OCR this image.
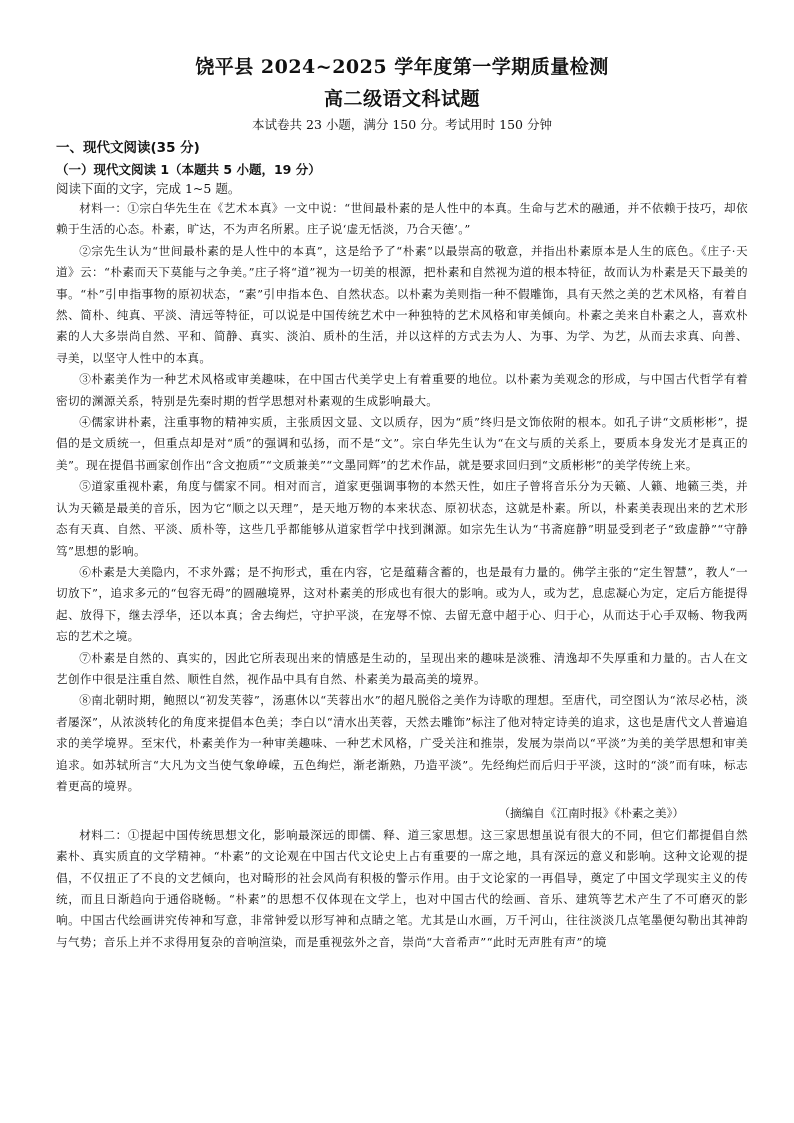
饶平县 2024~2025 学年度第一学期质量检测
高二级语文科试题
本试卷共 23 小题，满分 150 分。考试用时 150 分钟
一、现代文阅读(35 分)
（一）现代文阅读 1（本题共 5 小题，19 分）
阅读下面的文字，完成 1~5 题。

材料一：①宗白华先生在《艺术本真》一文中说：“世间最朴素的是人性中的本真。生命与艺术的融通，并不依赖于技巧，却依赖于生活的心态。朴素，旷达，不为声名所累。庄子说‘虚无恬淡，乃合天德’。”

②宗先生认为“世间最朴素的是人性中的本真”，这是给予了“朴素”以最崇高的敬意，并指出朴素原本是人生的底色。《庄子·天道》云：“朴素而天下莫能与之争美。”庄子将“道”视为一切美的根源，把朴素和自然视为道的根本特征，故而认为朴素是天下最美的事。“朴”引申指事物的原初状态，“素”引申指本色、自然状态。以朴素为美则指一种不假雕饰，具有天然之美的艺术风格，有着自然、简朴、纯真、平淡、清远等特征，可以说是中国传统艺术中一种独特的艺术风格和审美倾向。朴素之美来自朴素之人，喜欢朴素的人大多崇尚自然、平和、简静、真实、淡泊、质朴的生活，并以这样的方式去为人、为事、为学、为艺，从而去求真、向善、寻美，以坚守人性中的本真。

③朴素美作为一种艺术风格或审美趣味，在中国古代美学史上有着重要的地位。以朴素为美观念的形成，与中国古代哲学有着密切的渊源关系，特别是先秦时期的哲学思想对朴素观的生成影响最大。

④儒家讲朴素，注重事物的精神实质，主张质因文显、文以质存，因为“质”终归是文饰依附的根本。如孔子讲“文质彬彬”，提倡的是文质统一，但重点却是对“质”的强调和弘扬，而不是“文”。宗白华先生认为“在文与质的关系上，要质本身发光才是真正的美”。现在提倡书画家创作出“含文抱质”“文质兼美”“文墨同辉”的艺术作品，就是要求回归到“文质彬彬”的美学传统上来。

⑤道家重视朴素，角度与儒家不同。相对而言，道家更强调事物的本然天性，如庄子曾将音乐分为天籁、人籁、地籁三类，并认为天籁是最美的音乐，因为它“顺之以天理”，是天地万物的本来状态、原初状态，这就是朴素。所以，朴素美表现出来的艺术形态有天真、自然、平淡、质朴等，这些几乎都能够从道家哲学中找到渊源。如宗先生认为“书斋庭静”明显受到老子“致虚静”“守静笃”思想的影响。

⑥朴素是大美隐内，不求外露；是不拘形式，重在内容，它是蕴藉含蓄的，也是最有力量的。佛学主张的“定生智慧”，教人“一切放下”，追求多元的“包容无碍”的圆融境界，这对朴素美的形成也有很大的影响。或为人，或为艺，息虑凝心为定，定后方能提得起、放得下，继去浮华，还以本真；舍去绚烂，守护平淡，在宠辱不惊、去留无意中超于心、归于心，从而达于心手双畅、物我两忘的艺术之境。

⑦朴素是自然的、真实的，因此它所表现出来的情感是生动的，呈现出来的趣味是淡雅、清逸却不失厚重和力量的。古人在文艺创作中很是注重自然、顺性自然，视作品中具有自然、朴素美为最高美的境界。

⑧南北朝时期，鲍照以“初发芙蓉”，汤惠休以“芙蓉出水”的超凡脱俗之美作为诗歌的理想。至唐代，司空图认为“浓尽必枯，淡者屡深”，从浓淡转化的角度来提倡本色美；李白以“清水出芙蓉，天然去雕饰”标注了他对特定诗美的追求，这也是唐代文人普遍追求的美学境界。至宋代，朴素美作为一种审美趣味、一种艺术风格，广受关注和推崇，发展为崇尚以“平淡”为美的美学思想和审美追求。如苏轼所言“大凡为文当使气象峥嵘，五色绚烂，渐老渐熟，乃造平淡”。先经绚烂而后归于平淡，这时的“淡”而有味，标志着更高的境界。

（摘编自《江南时报》《朴素之美》）

材料二：①提起中国传统思想文化，影响最深远的即儒、释、道三家思想。这三家思想虽说有很大的不同，但它们都提倡自然素朴、真实质直的文学精神。“朴素”的文论观在中国古代文论史上占有重要的一席之地，具有深远的意义和影响。这种文论观的提倡，不仅扭正了不良的文艺倾向，也对畸形的社会风尚有积极的警示作用。由于文论家的一再倡导，奠定了中国文学现实主义的传统，而且日渐趋向于通俗晓畅。“朴素”的思想不仅体现在文学上，也对中国古代的绘画、音乐、建筑等艺术产生了不可磨灭的影响。中国古代绘画讲究传神和写意，非常钟爱以形写神和点睛之笔。尤其是山水画，万千河山，往往淡淡几点笔墨便勾勒出其神韵与气势；音乐上并不求得用复杂的音响渲染，而是重视弦外之音，崇尚“大音希声”“此时无声胜有声”的境
